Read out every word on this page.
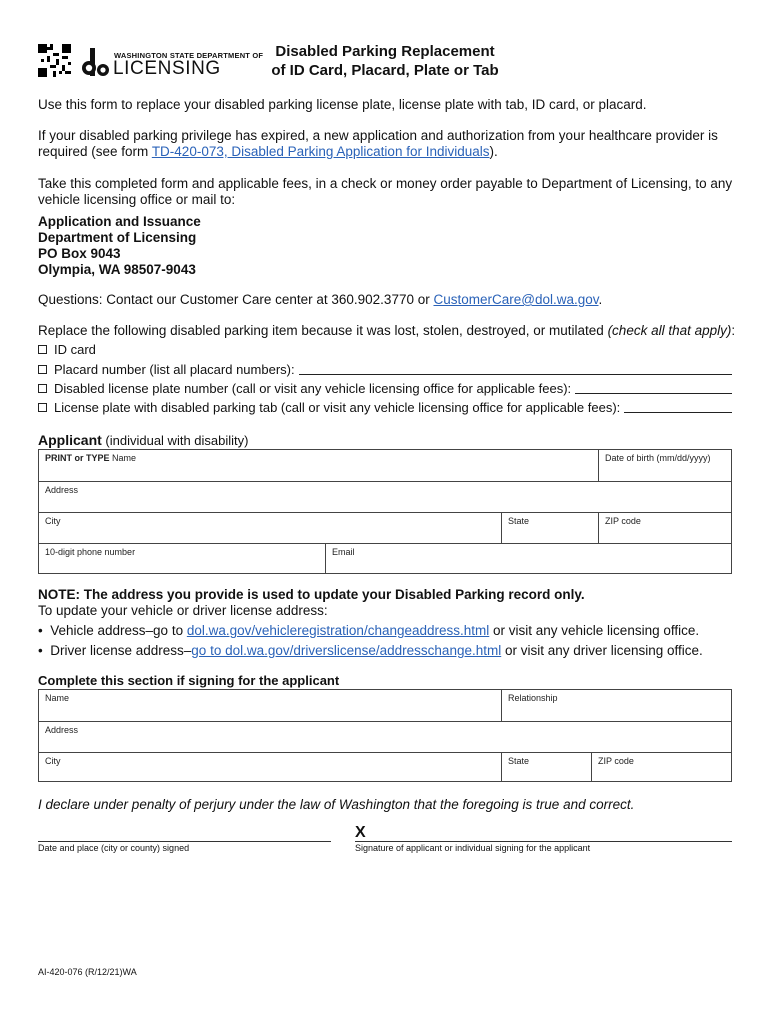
WASHINGTON STATE DEPARTMENT OF
LICENSING
Disabled Parking Replacement
of ID Card, Placard, Plate or Tab
Use this form to replace your disabled parking license plate, license plate with tab, ID card, or placard.
If your disabled parking privilege has expired, a new application and authorization from your healthcare provider is required (see form TD-420-073, Disabled Parking Application for Individuals).
Take this completed form and applicable fees, in a check or money order payable to Department of Licensing, to any vehicle licensing office or mail to:
Application and Issuance
Department of Licensing
PO Box 9043
Olympia, WA 98507-9043
Questions: Contact our Customer Care center at 360.902.3770 or CustomerCare@dol.wa.gov.
Replace the following disabled parking item because it was lost, stolen, destroyed, or mutilated (check all that apply):
ID card
Placard number (list all placard numbers):
Disabled license plate number (call or visit any vehicle licensing office for applicable fees):
License plate with disabled parking tab (call or visit any vehicle licensing office for applicable fees):
Applicant (individual with disability)
PRINT or TYPE Name	Date of birth (mm/dd/yyyy)
Address
City	State	ZIP code
10-digit phone number	Email
NOTE: The address you provide is used to update your Disabled Parking record only.
To update your vehicle or driver license address:
•  Vehicle address–go to dol.wa.gov/vehicleregistration/changeaddress.html or visit any vehicle licensing office.
•  Driver license address–go to dol.wa.gov/driverslicense/addresschange.html or visit any driver licensing office.
Complete this section if signing for the applicant
Name	Relationship
Address
City	State	ZIP code
I declare under penalty of perjury under the law of Washington that the foregoing is true and correct.
Date and place (city or county) signed
X
Signature of applicant or individual signing for the applicant
AI-420-076 (R/12/21)WA
